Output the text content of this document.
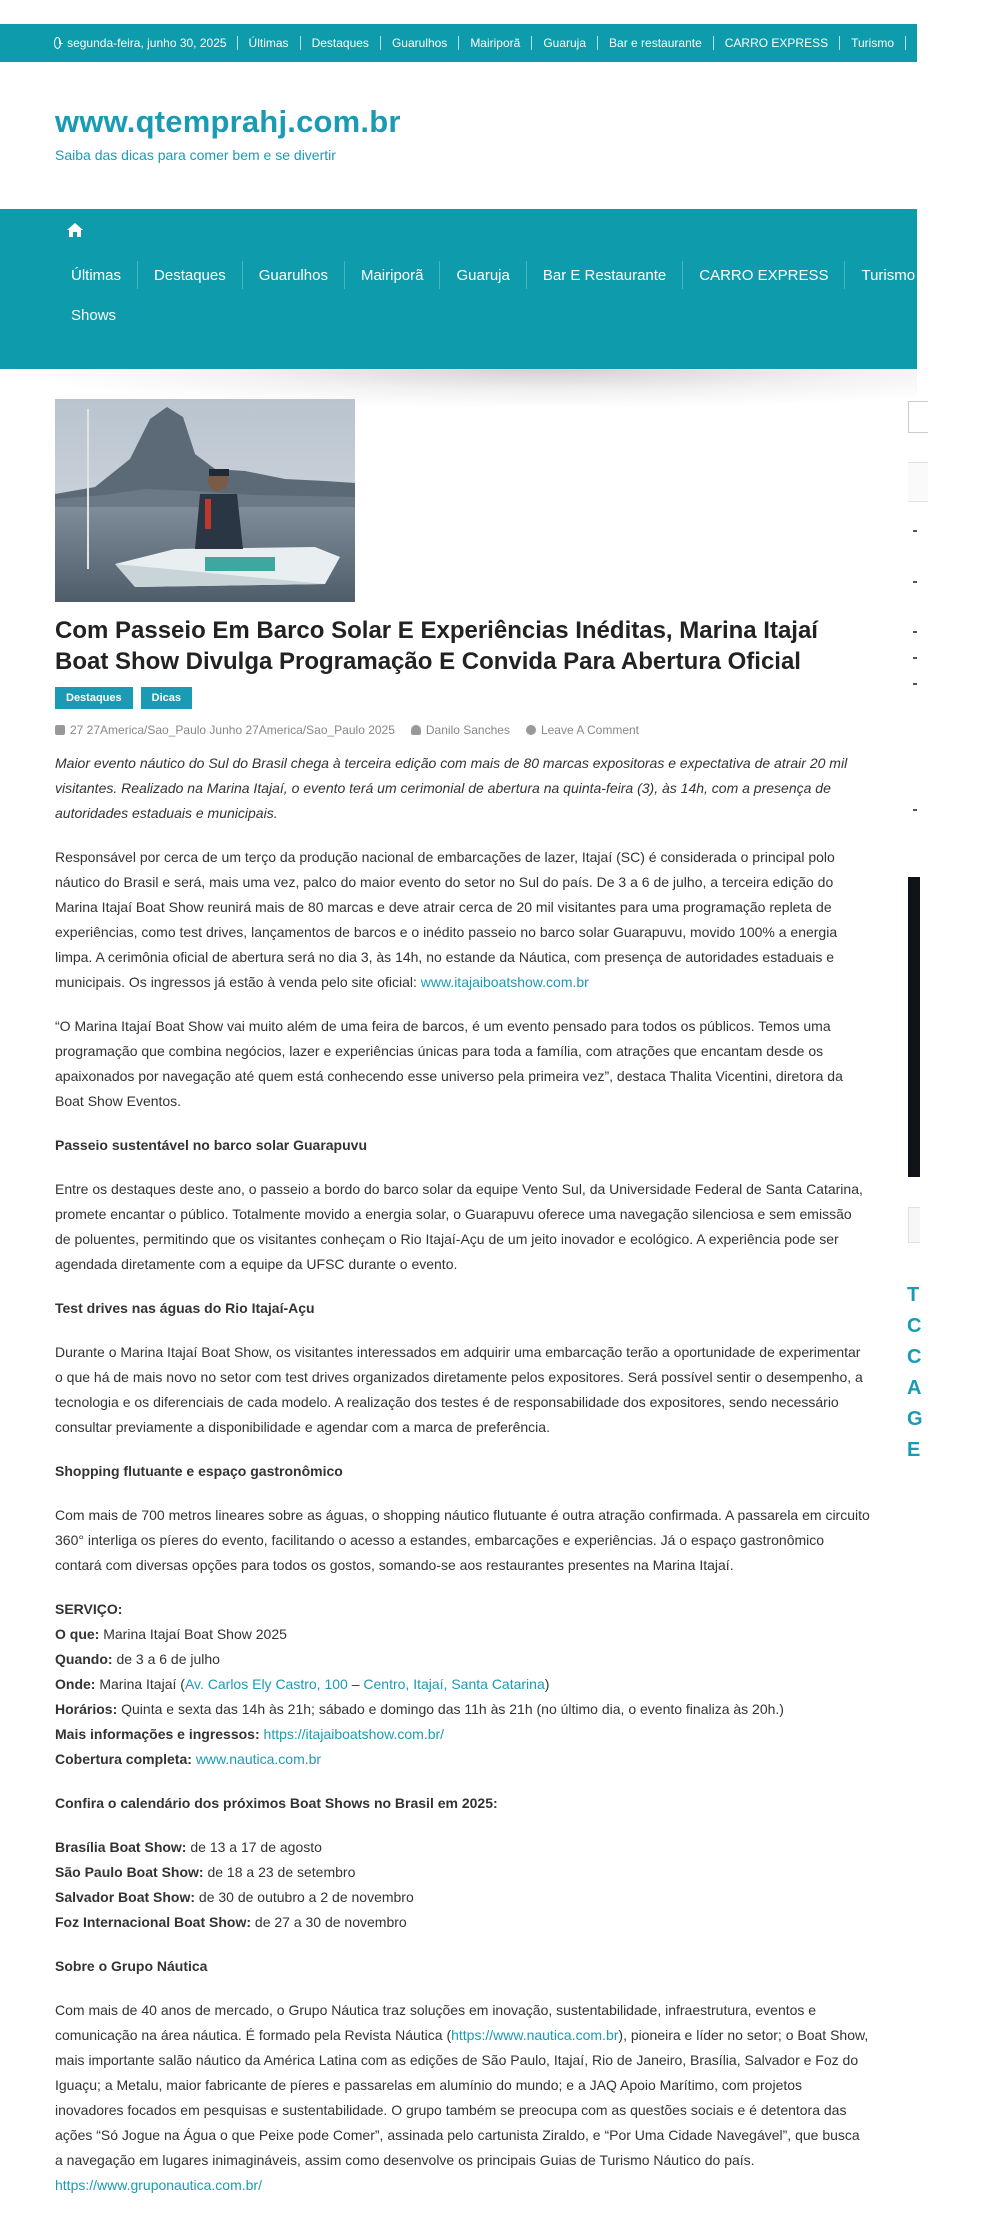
segunda-feira, junho 30, 2025 Últimas Destaques Guarulhos Mairiporã Guaruja Bar e restaurante CARRO EXPRESS Turismo
www.qtemprahj.com.br
Saiba das dicas para comer bem e se divertir
Últimas	Destaques	Guarulhos	Mairiporã	Guaruja	Bar E Restaurante	CARRO EXPRESS	Turismo	Rece
Shows
Com Passeio Em Barco Solar E Experiências Inéditas, Marina Itajaí Boat Show Divulga Programação E Convida Para Abertura Oficial
Destaques	Dicas
27 27America/Sao_Paulo Junho 27America/Sao_Paulo 2025	Danilo Sanches	Leave A Comment

Maior evento náutico do Sul do Brasil chega à terceira edição com mais de 80 marcas expositoras e expectativa de atrair 20 mil visitantes. Realizado na Marina Itajaí, o evento terá um cerimonial de abertura na quinta-feira (3), às 14h, com a presença de autoridades estaduais e municipais.

Responsável por cerca de um terço da produção nacional de embarcações de lazer, Itajaí (SC) é considerada o principal polo náutico do Brasil e será, mais uma vez, palco do maior evento do setor no Sul do país. De 3 a 6 de julho, a terceira edição do Marina Itajaí Boat Show reunirá mais de 80 marcas e deve atrair cerca de 20 mil visitantes para uma programação repleta de experiências, como test drives, lançamentos de barcos e o inédito passeio no barco solar Guarapuvu, movido 100% a energia limpa. A cerimônia oficial de abertura será no dia 3, às 14h, no estande da Náutica, com presença de autoridades estaduais e municipais. Os ingressos já estão à venda pelo site oficial: www.itajaiboatshow.com.br

“O Marina Itajaí Boat Show vai muito além de uma feira de barcos, é um evento pensado para todos os públicos. Temos uma programação que combina negócios, lazer e experiências únicas para toda a família, com atrações que encantam desde os apaixonados por navegação até quem está conhecendo esse universo pela primeira vez”, destaca Thalita Vicentini, diretora da Boat Show Eventos.

Passeio sustentável no barco solar Guarapuvu

Entre os destaques deste ano, o passeio a bordo do barco solar da equipe Vento Sul, da Universidade Federal de Santa Catarina, promete encantar o público. Totalmente movido a energia solar, o Guarapuvu oferece uma navegação silenciosa e sem emissão de poluentes, permitindo que os visitantes conheçam o Rio Itajaí-Açu de um jeito inovador e ecológico. A experiência pode ser agendada diretamente com a equipe da UFSC durante o evento.

Test drives nas águas do Rio Itajaí-Açu

Durante o Marina Itajaí Boat Show, os visitantes interessados em adquirir uma embarcação terão a oportunidade de experimentar o que há de mais novo no setor com test drives organizados diretamente pelos expositores. Será possível sentir o desempenho, a tecnologia e os diferenciais de cada modelo. A realização dos testes é de responsabilidade dos expositores, sendo necessário consultar previamente a disponibilidade e agendar com a marca de preferência.

Shopping flutuante e espaço gastronômico

Com mais de 700 metros lineares sobre as águas, o shopping náutico flutuante é outra atração confirmada. A passarela em circuito 360° interliga os píeres do evento, facilitando o acesso a estandes, embarcações e experiências. Já o espaço gastronômico contará com diversas opções para todos os gostos, somando-se aos restaurantes presentes na Marina Itajaí.

SERVIÇO:
O que: Marina Itajaí Boat Show 2025
Quando: de 3 a 6 de julho
Onde: Marina Itajaí (Av. Carlos Ely Castro, 100 – Centro, Itajaí, Santa Catarina)
Horários: Quinta e sexta das 14h às 21h; sábado e domingo das 11h às 21h (no último dia, o evento finaliza às 20h.)
Mais informações e ingressos: https://itajaiboatshow.com.br/
Cobertura completa: www.nautica.com.br
Confira o calendário dos próximos Boat Shows no Brasil em 2025:
Brasília Boat Show: de 13 a 17 de agosto
São Paulo Boat Show: de 18 a 23 de setembro
Salvador Boat Show: de 30 de outubro a 2 de novembro
Foz Internacional Boat Show: de 27 a 30 de novembro
Sobre o Grupo Náutica

Com mais de 40 anos de mercado, o Grupo Náutica traz soluções em inovação, sustentabilidade, infraestrutura, eventos e comunicação na área náutica. É formado pela Revista Náutica (https://www.nautica.com.br), pioneira e líder no setor; o Boat Show, mais importante salão náutico da América Latina com as edições de São Paulo, Itajaí, Rio de Janeiro, Brasília, Salvador e Foz do Iguaçu; a Metalu, maior fabricante de píeres e passarelas em alumínio do mundo; e a JAQ Apoio Marítimo, com projetos inovadores focados em pesquisas e sustentabilidade. O grupo também se preocupa com as questões sociais e é detentora das ações “Só Jogue na Água o que Peixe pode Comer”, assinada pelo cartunista Ziraldo, e “Por Uma Cidade Navegável”, que busca a navegação em lugares inimagináveis, assim como desenvolve os principais Guias de Turismo Náutico do país. https://www.gruponautica.com.br/

T
C
C
A
G
E
